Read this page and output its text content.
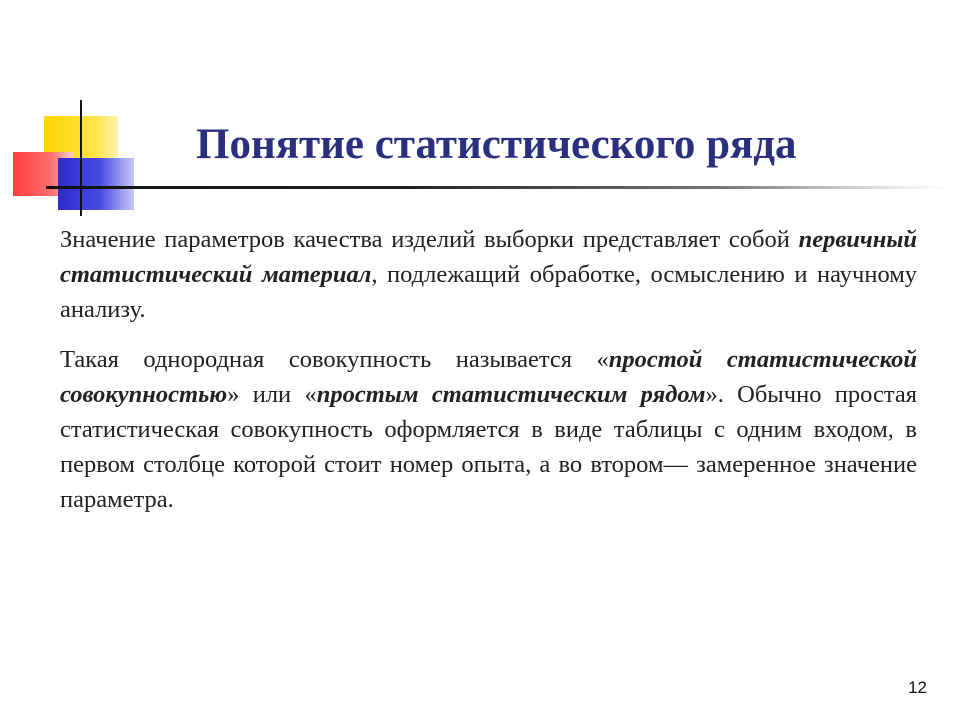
Понятие статистического ряда

Значение параметров качества изделий выборки представляет собой первичный статистический материал, подлежащий обработке, осмыслению и научному анализу.

Такая однородная совокупность называется «простой статистической совокупностью» или «простым статистическим рядом». Обычно простая статистическая совокупность оформляется в виде таблицы с одним входом, в первом столбце которой стоит номер опыта, а во втором— замеренное значение параметра.

12
